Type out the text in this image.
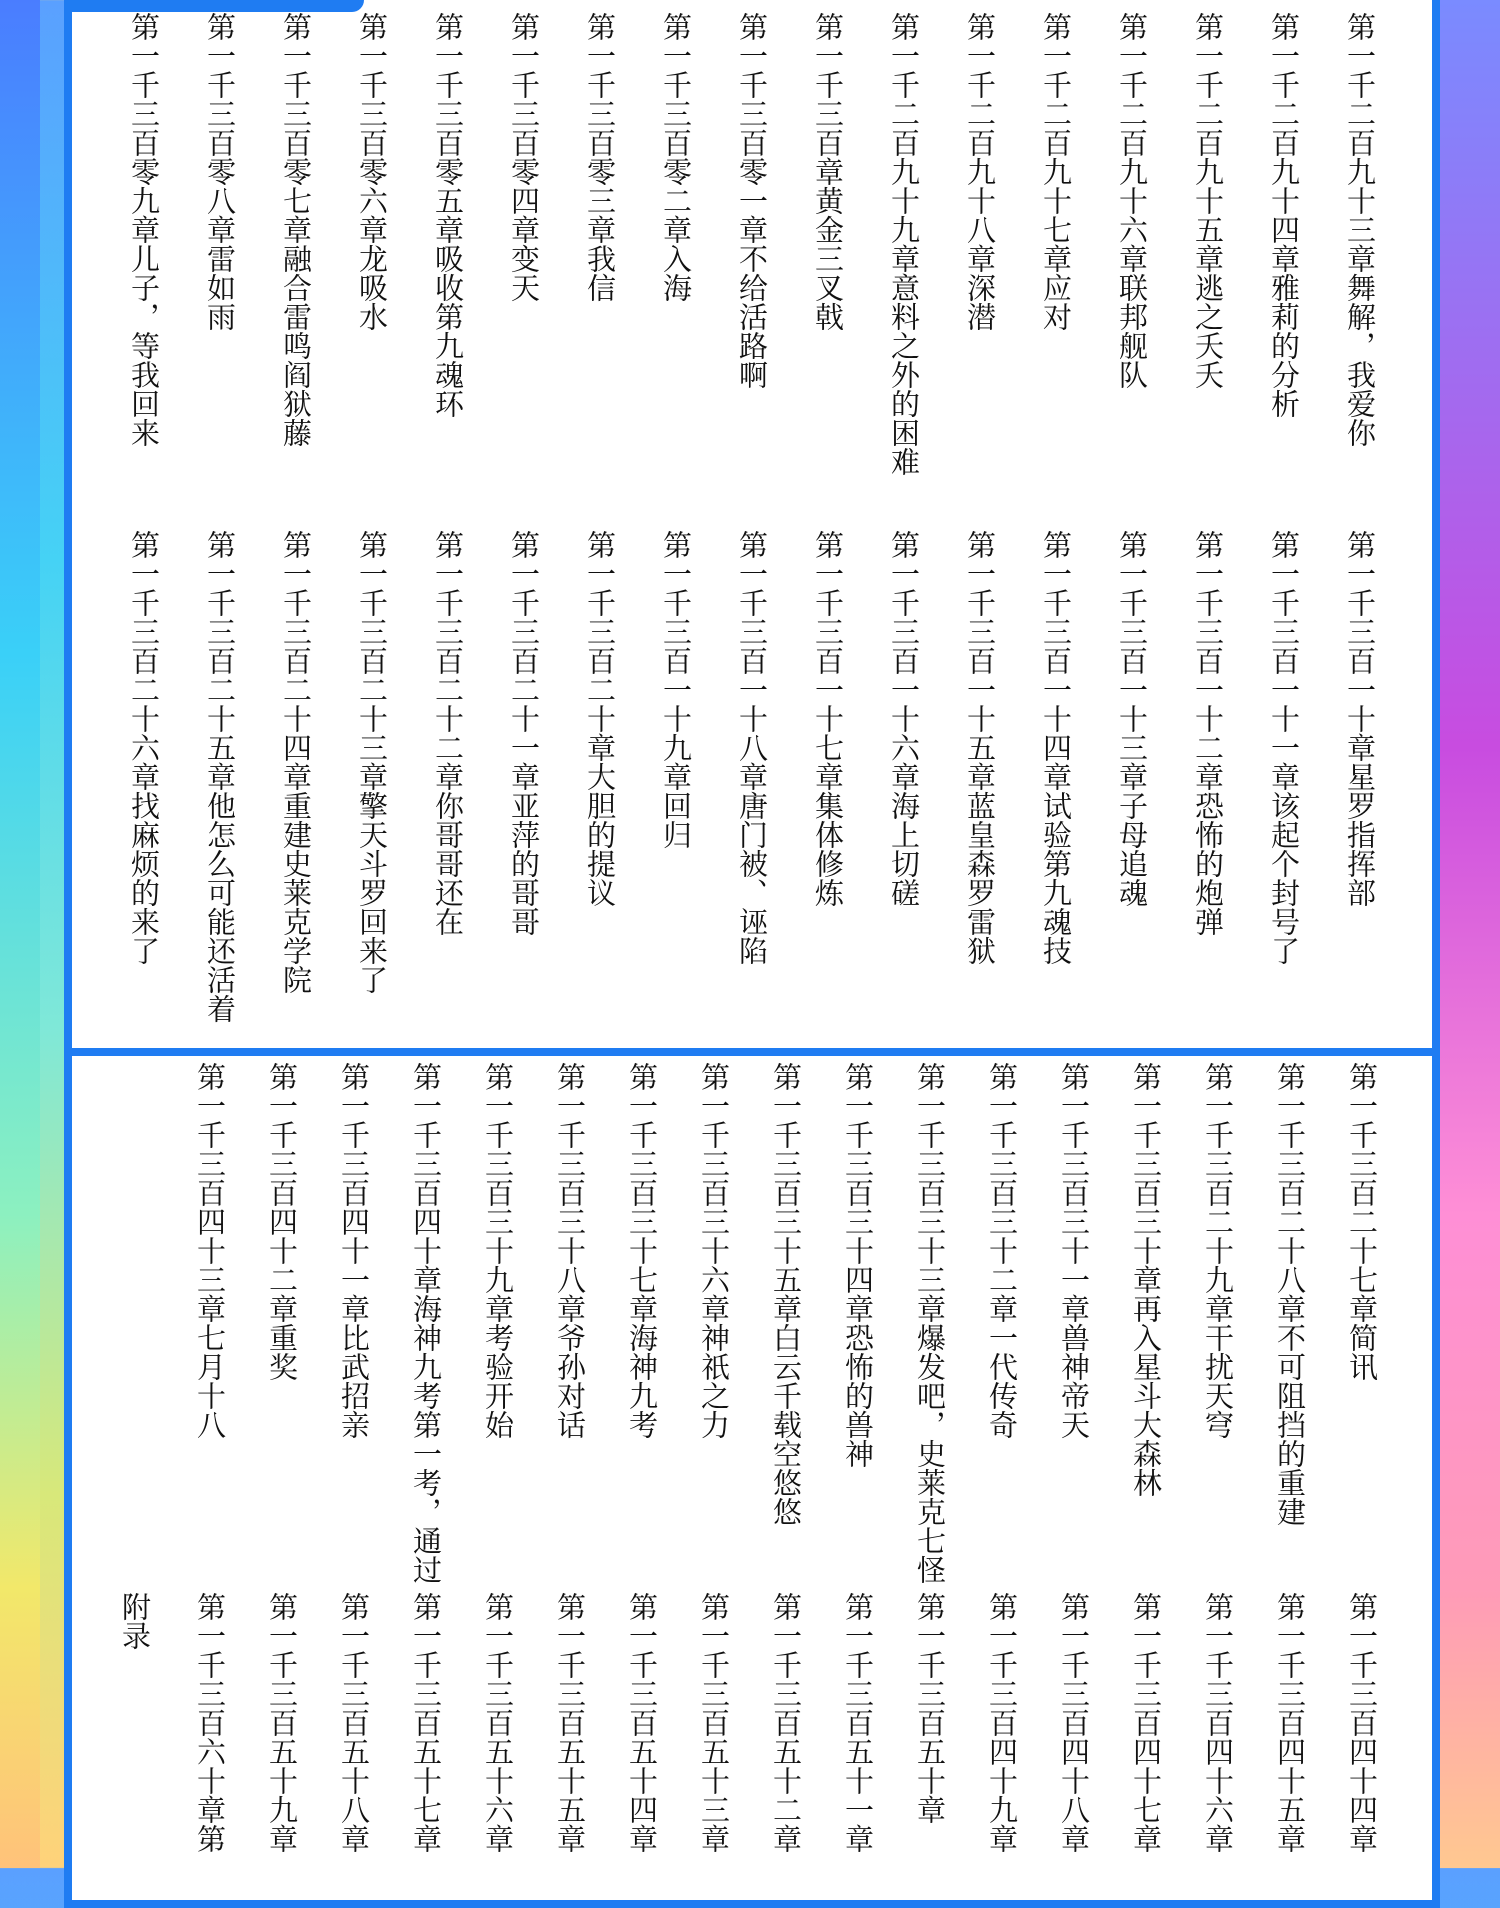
第一千二百九十三章舞解，我爱你
第一千二百九十四章雅莉的分析
第一千二百九十五章逃之夭夭
第一千二百九十六章联邦舰队
第一千二百九十七章应对
第一千二百九十八章深潜
第一千二百九十九章意料之外的困难
第一千三百章黄金三叉戟
第一千三百零一章不给活路啊
第一千三百零二章入海
第一千三百零三章我信
第一千三百零四章变天
第一千三百零五章吸收第九魂环
第一千三百零六章龙吸水
第一千三百零七章融合雷鸣阎狱藤
第一千三百零八章雷如雨
第一千三百零九章儿子，等我回来
第一千三百一十章星罗指挥部
第一千三百一十一章该起个封号了
第一千三百一十二章恐怖的炮弹
第一千三百一十三章子母追魂
第一千三百一十四章试验第九魂技
第一千三百一十五章蓝皇森罗雷狱
第一千三百一十六章海上切磋
第一千三百一十七章集体修炼
第一千三百一十八章唐门被、诬陷
第一千三百一十九章回归
第一千三百二十章大胆的提议
第一千三百二十一章亚萍的哥哥
第一千三百二十二章你哥哥还在
第一千三百二十三章擎天斗罗回来了
第一千三百二十四章重建史莱克学院
第一千三百二十五章他怎么可能还活着
第一千三百二十六章找麻烦的来了
第一千三百二十七章简讯
第一千三百二十八章不可阻挡的重建
第一千三百二十九章干扰天穹
第一千三百三十章再入星斗大森林
第一千三百三十一章兽神帝天
第一千三百三十二章一代传奇
第一千三百三十三章爆发吧，史莱克七怪
第一千三百三十四章恐怖的兽神
第一千三百三十五章白云千载空悠悠
第一千三百三十六章神祇之力
第一千三百三十七章海神九考
第一千三百三十八章爷孙对话
第一千三百三十九章考验开始
第一千三百四十章海神九考第一考，通过
第一千三百四十一章比武招亲
第一千三百四十二章重奖
第一千三百四十三章七月十八
第一千三百四十四章
第一千三百四十五章
第一千三百四十六章
第一千三百四十七章
第一千三百四十八章
第一千三百四十九章
第一千三百五十章
第一千三百五十一章
第一千三百五十二章
第一千三百五十三章
第一千三百五十四章
第一千三百五十五章
第一千三百五十六章
第一千三百五十七章
第一千三百五十八章
第一千三百五十九章
第一千三百六十章第
附录
